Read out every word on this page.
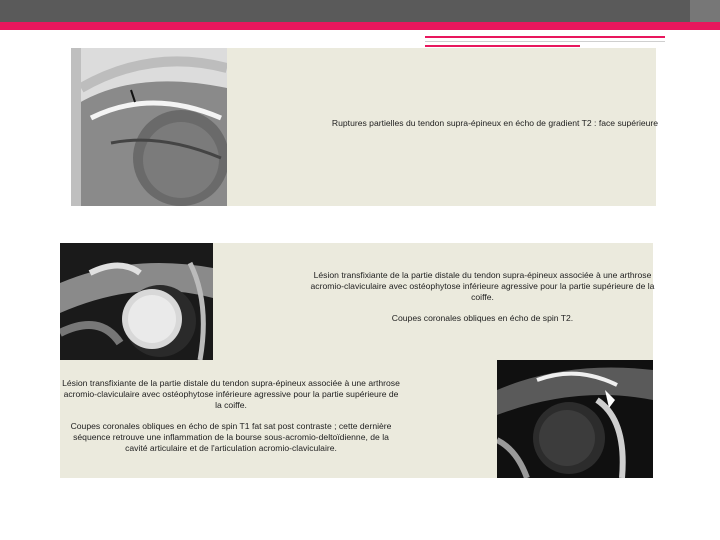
Ruptures partielles du tendon supra-épineux en écho de gradient T2 : face supérieure

Lésion transfixiante de la partie distale du tendon supra-épineux associée à une arthrose acromio-claviculaire avec ostéophytose inférieure agressive pour la partie supérieure de la coiffe.

Coupes coronales obliques en écho de spin T2.

Lésion transfixiante de la partie distale du tendon supra-épineux associée à une arthrose acromio-claviculaire avec ostéophytose inférieure agressive pour la partie supérieure de la coiffe.

Coupes coronales obliques en écho de spin T1 fat sat post contraste ; cette dernière séquence retrouve une inflammation de la bourse sous-acromio-deltoïdienne, de la cavité articulaire et de l'articulation acromio-claviculaire.
